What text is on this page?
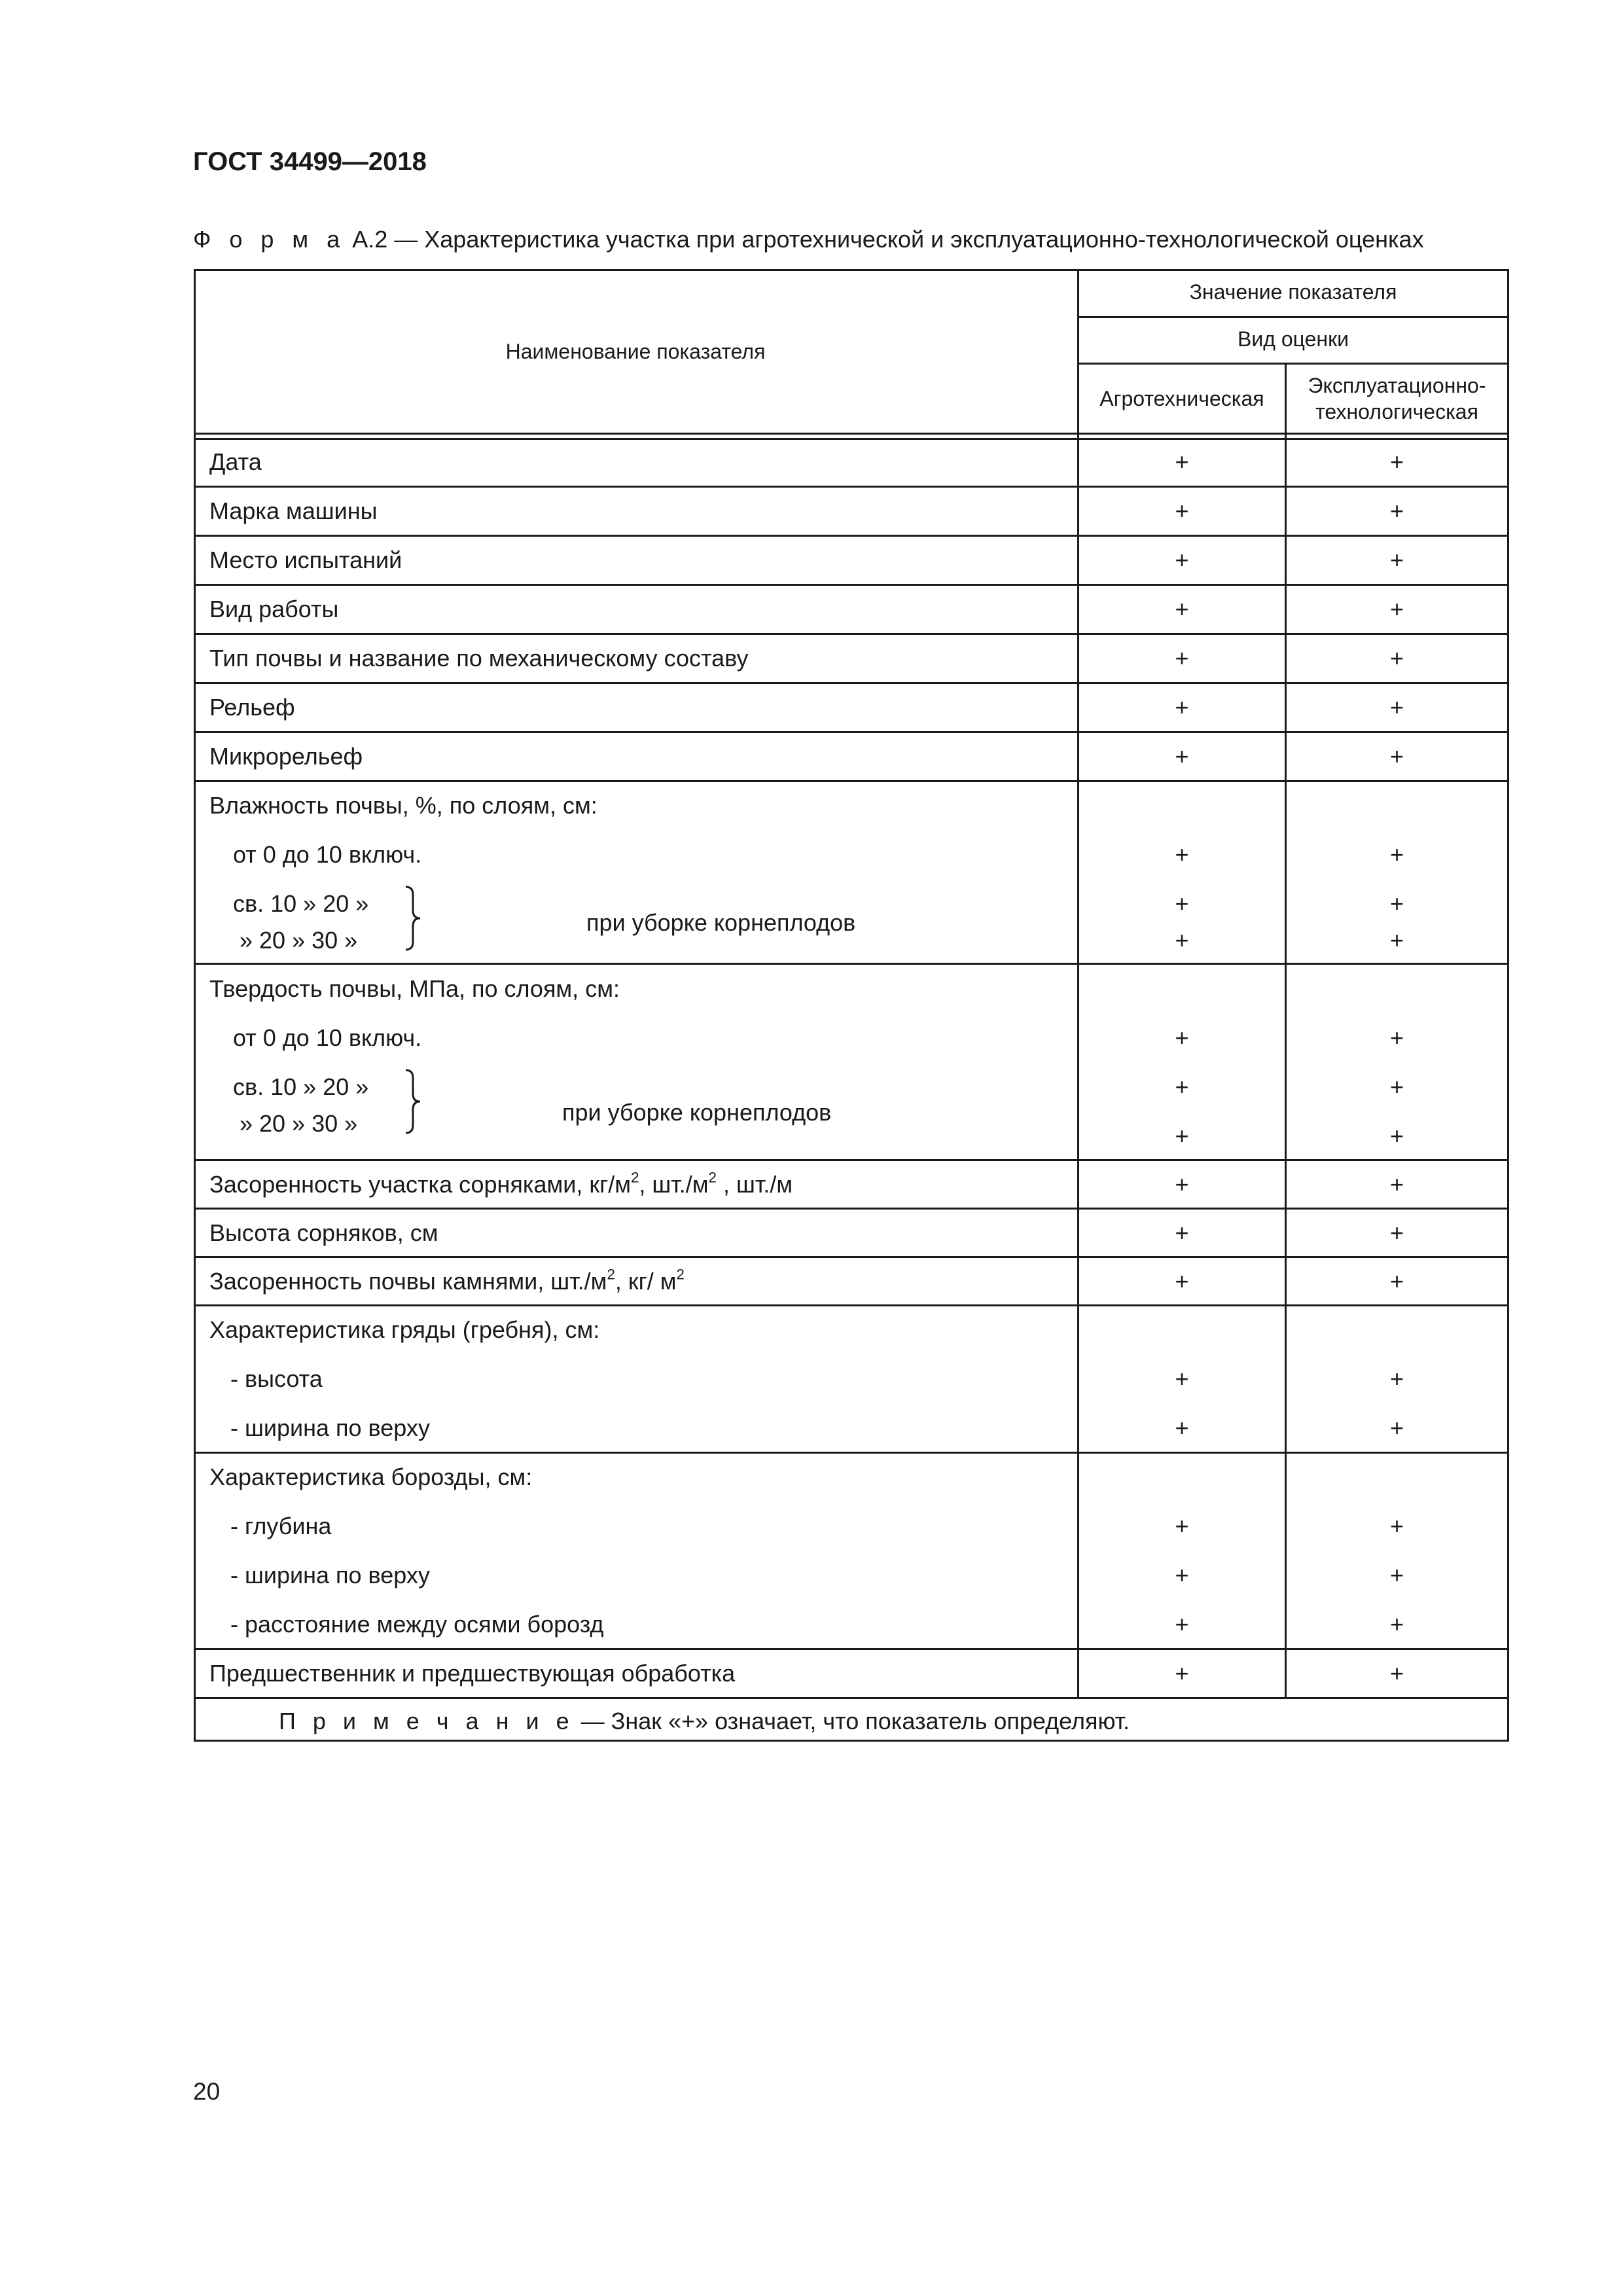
ГОСТ 34499—2018
Ф о р м а А.2 — Характеристика участка при агротехнической и эксплуатационно-технологической оценках
Наименование показателя
Значение показателя
Вид оценки
Агротехническая
Эксплуатационно-
технологическая
Дата
Марка машины
Место испытаний
Вид работы
Тип почвы и название по механическому составу
Рельеф
Микрорельеф
Влажность почвы, %, по слоям, см:
от 0 до 10 включ.
св. 10 » 20 »
» 20 » 30 »
при уборке корнеплодов
Твердость почвы, МПа, по слоям, см:
от 0 до 10 включ.
св. 10 » 20 »
» 20 » 30 »	при уборке корнеплодов
Засоренность участка сорняками, $кг/м^2$, $шт./м^2$ , шт./м
Высота сорняков, см
Засоренность почвы камнями, $шт./м^2$, кг/ $м^2$
Характеристика гряды (гребня), см:
- высота
- ширина по верху
Характеристика борозды, см:
- глубина
- ширина по верху
- расстояние между осями борозд
Предшественник и предшествующая обработка
П р и м е ч а н и е — Знак «+» означает, что показатель определяют.
+
+
+
+
+
+
+
+
+
+
+
+
+
+
+
+
+
+
+
+
+
+
+
+
+
+
+
+
+
+
+
+
+
+
+
+
+
+
+
+
+
+
+
+
20
